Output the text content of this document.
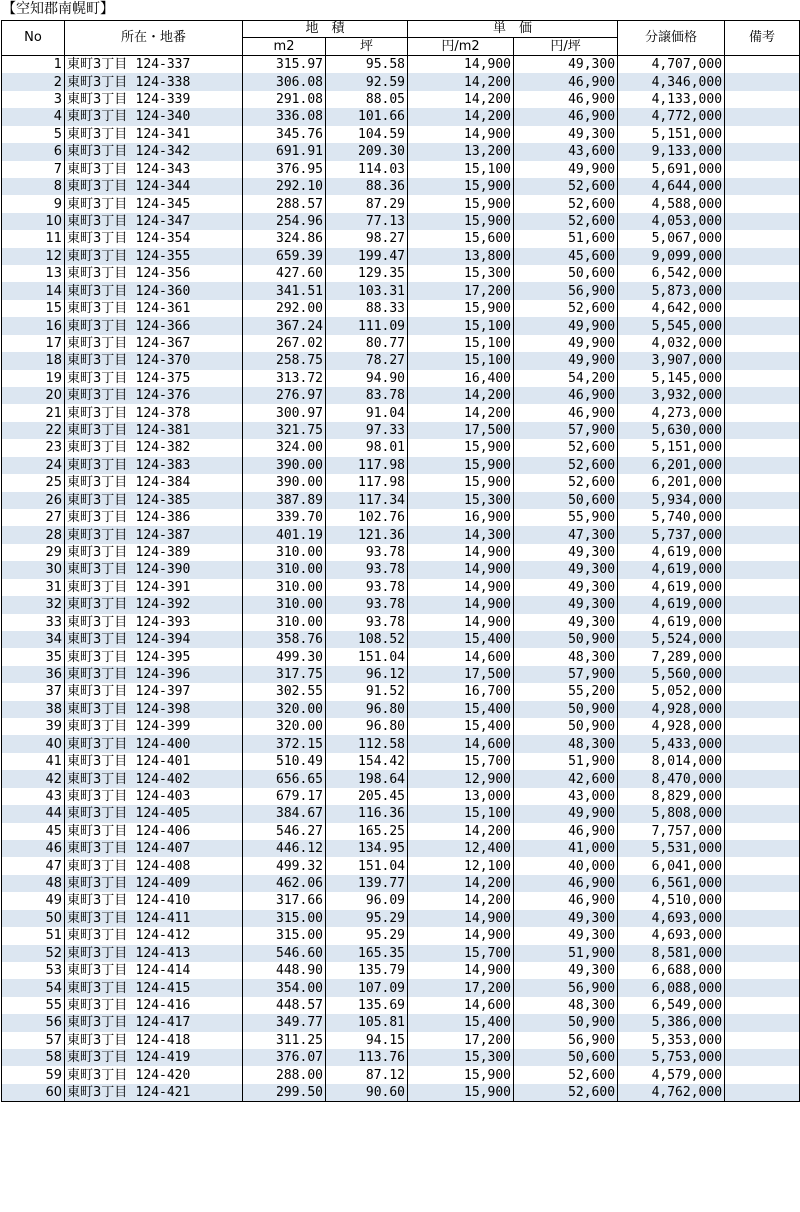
【空知郡南幌町】
No	所在・地番	地　積		単　価		分譲価格	備考
		m2	坪	円/m2	円/坪		
1	東町3丁目 124-337	315.97	95.58	14,900	49,300	4,707,000	
2	東町3丁目 124-338	306.08	92.59	14,200	46,900	4,346,000	
3	東町3丁目 124-339	291.08	88.05	14,200	46,900	4,133,000	
4	東町3丁目 124-340	336.08	101.66	14,200	46,900	4,772,000	
5	東町3丁目 124-341	345.76	104.59	14,900	49,300	5,151,000	
6	東町3丁目 124-342	691.91	209.30	13,200	43,600	9,133,000	
7	東町3丁目 124-343	376.95	114.03	15,100	49,900	5,691,000	
8	東町3丁目 124-344	292.10	88.36	15,900	52,600	4,644,000	
9	東町3丁目 124-345	288.57	87.29	15,900	52,600	4,588,000	
10	東町3丁目 124-347	254.96	77.13	15,900	52,600	4,053,000	
11	東町3丁目 124-354	324.86	98.27	15,600	51,600	5,067,000	
12	東町3丁目 124-355	659.39	199.47	13,800	45,600	9,099,000	
13	東町3丁目 124-356	427.60	129.35	15,300	50,600	6,542,000	
14	東町3丁目 124-360	341.51	103.31	17,200	56,900	5,873,000	
15	東町3丁目 124-361	292.00	88.33	15,900	52,600	4,642,000	
16	東町3丁目 124-366	367.24	111.09	15,100	49,900	5,545,000	
17	東町3丁目 124-367	267.02	80.77	15,100	49,900	4,032,000	
18	東町3丁目 124-370	258.75	78.27	15,100	49,900	3,907,000	
19	東町3丁目 124-375	313.72	94.90	16,400	54,200	5,145,000	
20	東町3丁目 124-376	276.97	83.78	14,200	46,900	3,932,000	
21	東町3丁目 124-378	300.97	91.04	14,200	46,900	4,273,000	
22	東町3丁目 124-381	321.75	97.33	17,500	57,900	5,630,000	
23	東町3丁目 124-382	324.00	98.01	15,900	52,600	5,151,000	
24	東町3丁目 124-383	390.00	117.98	15,900	52,600	6,201,000	
25	東町3丁目 124-384	390.00	117.98	15,900	52,600	6,201,000	
26	東町3丁目 124-385	387.89	117.34	15,300	50,600	5,934,000	
27	東町3丁目 124-386	339.70	102.76	16,900	55,900	5,740,000	
28	東町3丁目 124-387	401.19	121.36	14,300	47,300	5,737,000	
29	東町3丁目 124-389	310.00	93.78	14,900	49,300	4,619,000	
30	東町3丁目 124-390	310.00	93.78	14,900	49,300	4,619,000	
31	東町3丁目 124-391	310.00	93.78	14,900	49,300	4,619,000	
32	東町3丁目 124-392	310.00	93.78	14,900	49,300	4,619,000	
33	東町3丁目 124-393	310.00	93.78	14,900	49,300	4,619,000	
34	東町3丁目 124-394	358.76	108.52	15,400	50,900	5,524,000	
35	東町3丁目 124-395	499.30	151.04	14,600	48,300	7,289,000	
36	東町3丁目 124-396	317.75	96.12	17,500	57,900	5,560,000	
37	東町3丁目 124-397	302.55	91.52	16,700	55,200	5,052,000	
38	東町3丁目 124-398	320.00	96.80	15,400	50,900	4,928,000	
39	東町3丁目 124-399	320.00	96.80	15,400	50,900	4,928,000	
40	東町3丁目 124-400	372.15	112.58	14,600	48,300	5,433,000	
41	東町3丁目 124-401	510.49	154.42	15,700	51,900	8,014,000	
42	東町3丁目 124-402	656.65	198.64	12,900	42,600	8,470,000	
43	東町3丁目 124-403	679.17	205.45	13,000	43,000	8,829,000	
44	東町3丁目 124-405	384.67	116.36	15,100	49,900	5,808,000	
45	東町3丁目 124-406	546.27	165.25	14,200	46,900	7,757,000	
46	東町3丁目 124-407	446.12	134.95	12,400	41,000	5,531,000	
47	東町3丁目 124-408	499.32	151.04	12,100	40,000	6,041,000	
48	東町3丁目 124-409	462.06	139.77	14,200	46,900	6,561,000	
49	東町3丁目 124-410	317.66	96.09	14,200	46,900	4,510,000	
50	東町3丁目 124-411	315.00	95.29	14,900	49,300	4,693,000	
51	東町3丁目 124-412	315.00	95.29	14,900	49,300	4,693,000	
52	東町3丁目 124-413	546.60	165.35	15,700	51,900	8,581,000	
53	東町3丁目 124-414	448.90	135.79	14,900	49,300	6,688,000	
54	東町3丁目 124-415	354.00	107.09	17,200	56,900	6,088,000	
55	東町3丁目 124-416	448.57	135.69	14,600	48,300	6,549,000	
56	東町3丁目 124-417	349.77	105.81	15,400	50,900	5,386,000	
57	東町3丁目 124-418	311.25	94.15	17,200	56,900	5,353,000	
58	東町3丁目 124-419	376.07	113.76	15,300	50,600	5,753,000	
59	東町3丁目 124-420	288.00	87.12	15,900	52,600	4,579,000	
60	東町3丁目 124-421	299.50	90.60	15,900	52,600	4,762,000	
